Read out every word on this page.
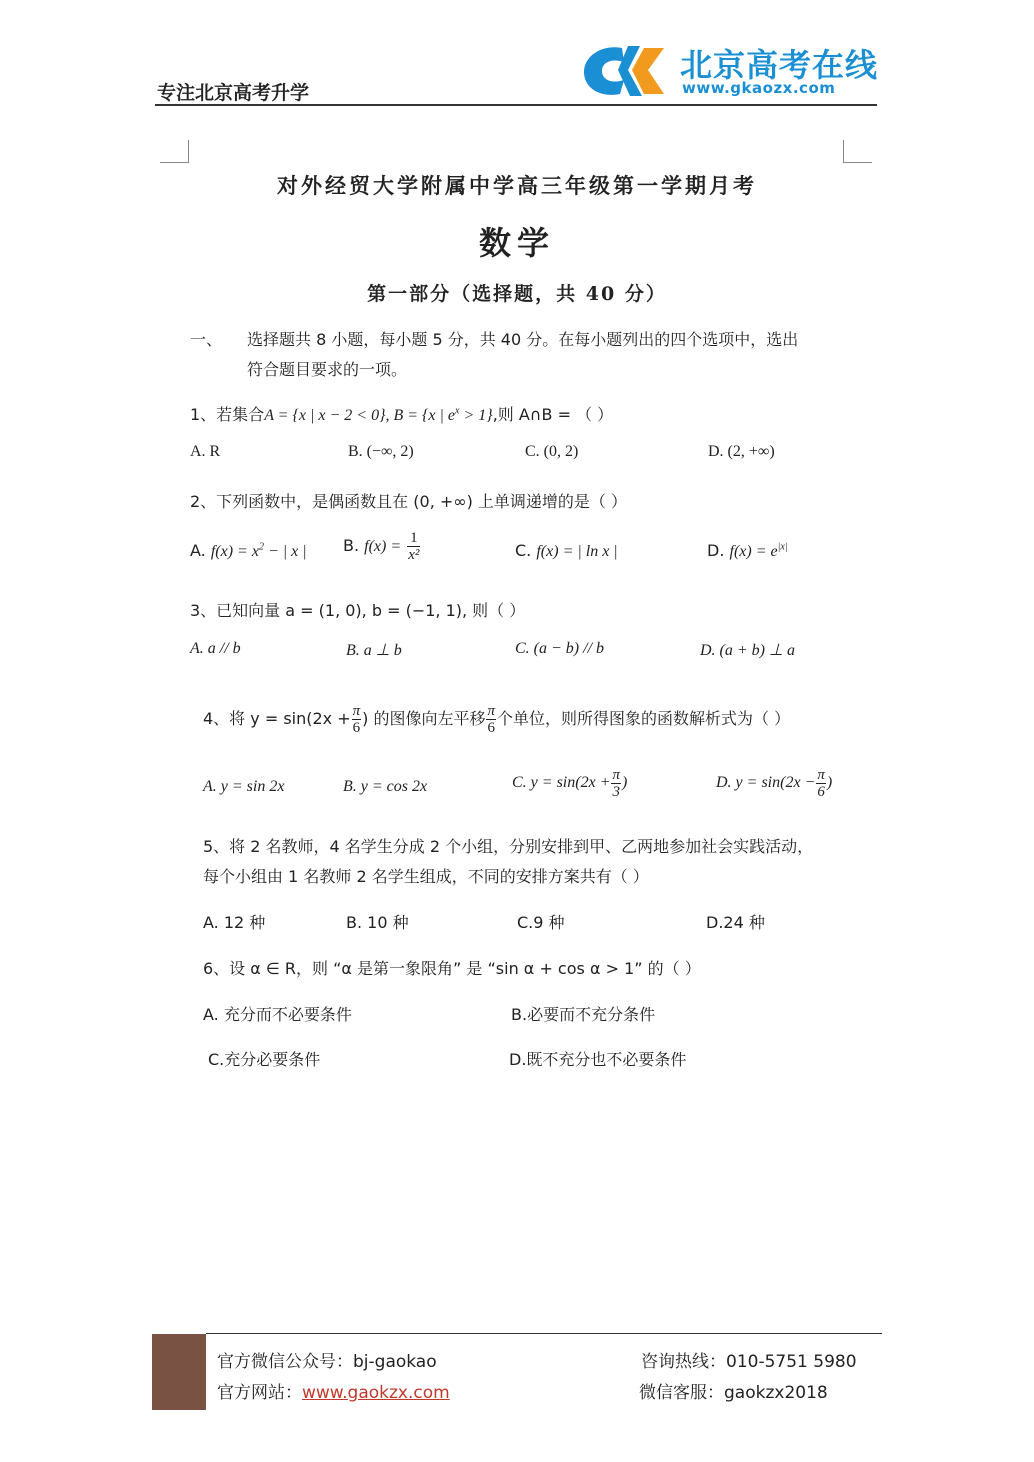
专注北京高考升学
北京高考在线
www.gkaozx.com
对外经贸大学附属中学高三年级第一学期月考
数学
第一部分（选择题，共 40 分）
一、 选择题共 8 小题，每小题 5 分，共 40 分。在每小题列出的四个选项中，选出
符合题目要求的一项。
1、若集合A = {x | x − 2 < 0}, B = {x | $e^x > 1$},则 A∩B = （ ）
A. R	B. (−∞, 2)	C. (0, 2)	D. (2, +∞)
2、下列函数中，是偶函数且在 (0, +∞) 上单调递增的是（ ）
A. $f(x) = x^2$ − | x | B. $f(x) = \frac{1}{\text{x²}}$	C. f(x) = | ln x |	D. $f(x) = e^{|x|}$
3、已知向量 a = (1, 0), b = (−1, 1), 则（ ）
A. a // b	B. a ⊥ b	C. (a − b) // b	D. (a + b) ⊥ a
4、将 $y = \sin(2x + \frac{\pi}{6}$ ) 的图像向左平移 $\frac{\pi}{6}$ 个单位，则所得图象的函数解析式为（ ）
A. y = sin 2x	B. y = cos 2x	C. $y = \sin(2x + \frac{\pi}{3}$ )	D. $y = \sin(2x - \frac{\pi}{6}$ )
5、将 2 名教师，4 名学生分成 2 个小组，分别安排到甲、乙两地参加社会实践活动，
每个小组由 1 名教师 2 名学生组成，不同的安排方案共有（ ）
A. 12 种	B. 10 种	C.9 种	D.24 种
6、设 α ∈ R，则 “α 是第一象限角” 是 “sin α + cos α > 1” 的（ ）
A. 充分而不必要条件	B.必要而不充分条件
C.充分必要条件	D.既不充分也不必要条件
官方微信公众号：bj-gaokao
官方网站：www.gaokzx.com
咨询热线：010-5751 5980
微信客服：gaokzx2018
